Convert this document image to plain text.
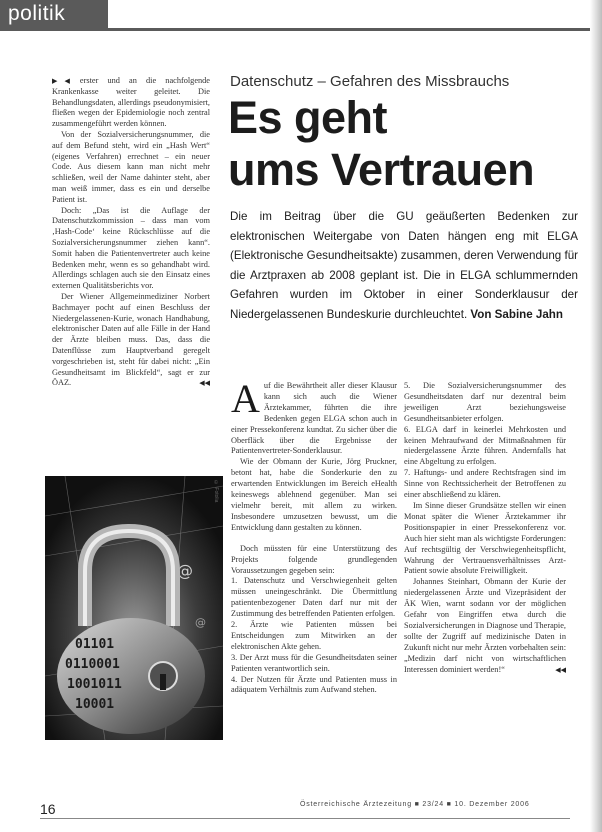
politik

▶◀ erster und an die nachfolgende Krankenkasse weiter geleitet. Die Behandlungsdaten, allerdings pseudonymisiert, fließen wegen der Epidemiologie noch zentral zusammengeführt werden können.

Von der Sozialversicherungsnummer, die auf dem Befund steht, wird ein „Hash Wert“ (eigenes Verfahren) errechnet – ein neuer Code. Aus diesem kann man nicht mehr schließen, weil der Name dahinter steht, aber man weiß immer, dass es ein und derselbe Patient ist.

Doch: „Das ist die Auflage der Datenschutzkommission – dass man vom ‚Hash-Code‘ keine Rückschlüsse auf die Sozialversicherungsnummer ziehen kann“. Somit haben die Patientenvertreter auch keine Bedenken mehr, wenn es so gehandhabt wird. Allerdings schlagen auch sie den Einsatz eines externen Qualitätsberichts vor.

Der Wiener Allgemeinmediziner Norbert Bachmayer pocht auf einen Beschluss der Niedergelassenen-Kurie, wonach Handhabung, elektronischer Daten auf alle Fälle in der Hand der Ärzte bleiben muss. Das, dass die Datenflüsse zum Hauptverband geregelt vorgeschrieben ist, steht für dabei nicht: „Ein Gesundheitsamt im Blickfeld“, sagt er zur ÖAZ.	◀◀

Datenschutz – Gefahren des Missbrauchs
Es geht
ums Vertrauen
Die im Beitrag über die GU geäußerten Bedenken zur elektronischen Weitergabe von Daten hängen eng mit ELGA (Elektronische Gesundheitsakte) zusammen, deren Verwendung für die Arztpraxen ab 2008 geplant ist. Die in ELGA schlummernden Gefahren wurden im Oktober in einer Sonderklausur der Niedergelassenen Bundeskurie durchleuchtet. Von Sabine Jahn
@
@
01101
0110001
1001011
10001
© Fotolia

Auf die Bewährtheit aller dieser Klausur kann sich auch die Wiener Ärztekammer, führten die ihre Bedenken gegen ELGA schon auch in einer Pressekonferenz kundtat. Zu sicher über die Oberfläck über die Ergebnisse der Patientenvertreter-Sonderklausur.

Wie der Obmann der Kurie, Jörg Pruckner, betont hat, habe die Sonderkurie den zu erwartenden Entwicklungen im Bereich eHealth keineswegs ablehnend gegenüber. Man sei vielmehr bereit, mit allem zu wirken. Insbesondere umzusetzen bewusst, um die Entwicklung dann gestalten zu können.

Doch müssten für eine Unterstützung des Projekts folgende grundlegenden Voraussetzungen gegeben sein:

1. Datenschutz und Verschwiegenheit gelten müssen uneingeschränkt. Die Übermittlung patientenbezogener Daten darf nur mit der Zustimmung des betreffenden Patienten erfolgen.

2. Ärzte wie Patienten müssen bei Entscheidungen zum Mitwirken an der elektronischen Akte gehen.

3. Der Arzt muss für die Gesundheitsdaten seiner Patienten verantwortlich sein.

4. Der Nutzen für Ärzte und Patienten muss in adäquatem Verhältnis zum Aufwand stehen.

5. Die Sozialversicherungsnummer des Gesundheitsdaten darf nur dezentral beim jeweiligen Arzt beziehungsweise Gesundheitsanbieter erfolgen.

6. ELGA darf in keinerlei Mehrkosten und keinen Mehraufwand der Mitmaßnahmen für niedergelassene Ärzte führen. Andernfalls hat eine Abgeltung zu erfolgen.

7. Haftungs- und andere Rechtsfragen sind im Sinne von Rechtssicherheit der Betroffenen zu einer abschließend zu klären.

Im Sinne dieser Grundsätze stellen wir einen Monat später die Wiener Ärztekammer ihr Positionspapier in einer Pressekonferenz vor. Auch hier sieht man als wichtigste Forderungen: Auf rechtsgültig der Verschwiegenheitspflicht, Wahrung der Vertrauensverhältnisses Arzt-Patient sowie absolute Freiwilligkeit.

Johannes Steinhart, Obmann der Kurie der niedergelassenen Ärzte und Vizepräsident der ÄK Wien, warnt sodann vor der möglichen Gefahr von Eingriffen etwa durch die Sozialversicherungen in Diagnose und Therapie, sollte der Zugriff auf medizinische Daten in Zukunft nicht nur mehr Ärzten vorbehalten sein: „Medizin darf nicht von wirtschaftlichen Interessen dominiert werden!“	◀◀

16	Österreichische Ärztezeitung ■ 23/24 ■ 10. Dezember 2006
